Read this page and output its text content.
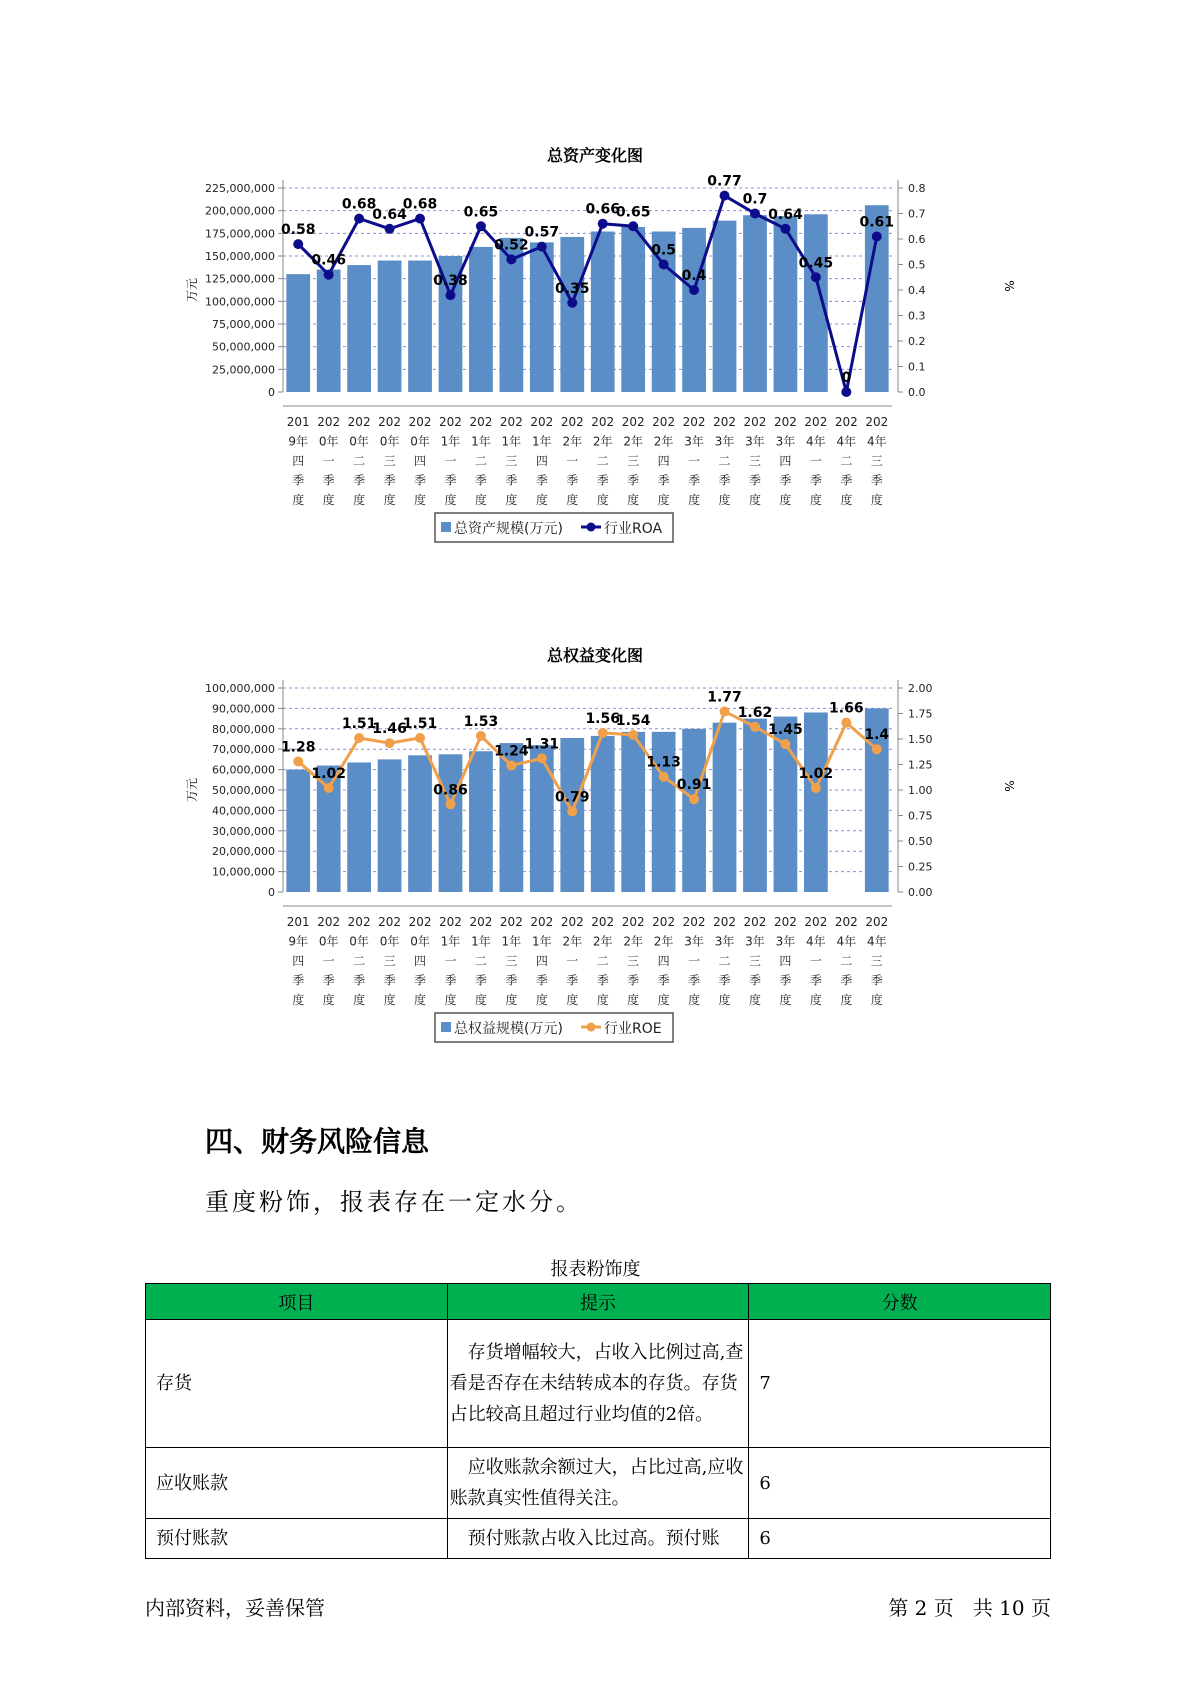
总资产变化图
0
25,000,000
50,000,000
75,000,000
100,000,000
125,000,000
150,000,000
175,000,000
200,000,000
225,000,000
0.0
0.1
0.2
0.3
0.4
0.5
0.6
0.7
0.8
万元	%
0.58
0.46
0.68
0.64
0.68
0.38
0.65
0.52
0.57
0.35
0.66
0.65
0.5
0.4
0.77
0.7
0.64
0.45
0
0.61
201 9年四季度
202 0年一季度
202 0年二季度
202 0年三季度
202 0年四季度
202 1年一季度
202 1年二季度
202 1年三季度
202 1年四季度
202 2年一季度
202 2年二季度
202 2年三季度
202 2年四季度
202 3年一季度
202 3年二季度
202 3年三季度
202 3年四季度
202 4年一季度
202 4年二季度
202 4年三季度
总资产规模(万元)	行业ROA
总权益变化图
0
10,000,000
20,000,000
30,000,000
40,000,000
50,000,000
60,000,000
70,000,000
80,000,000
90,000,000
100,000,000
0.00
0.25
0.50
0.75
1.00
1.25
1.50
1.75
2.00
万元	%
1.28
1.02
1.51
1.46
1.51
0.86
1.53
1.24
1.31
0.79
1.56
1.54
1.13
0.91
1.77
1.62
1.45
1.02
1.66
1.4
201 9年四季度
202 0年一季度
202 0年二季度
202 0年三季度
202 0年四季度
202 1年一季度
202 1年二季度
202 1年三季度
202 1年四季度
202 2年一季度
202 2年二季度
202 2年三季度
202 2年四季度
202 3年一季度
202 3年二季度
202 3年三季度
202 3年四季度
202 4年一季度
202 4年二季度
202 4年三季度
总权益规模(万元)	行业ROE
四、财务风险信息
重度粉饰，报表存在一定水分。
报表粉饰度
项目	提示	分数
存货	存货增幅较大，占收入比例过高,查看是否存在未结转成本的存货。存货占比较高且超过行业均值的2倍。	7
应收账款	应收账款余额过大，占比过高,应收账款真实性值得关注。	6
预付账款	预付账款占收入比过高。预付账	6
内部资料，妥善保管	第 2 页   共 10 页
